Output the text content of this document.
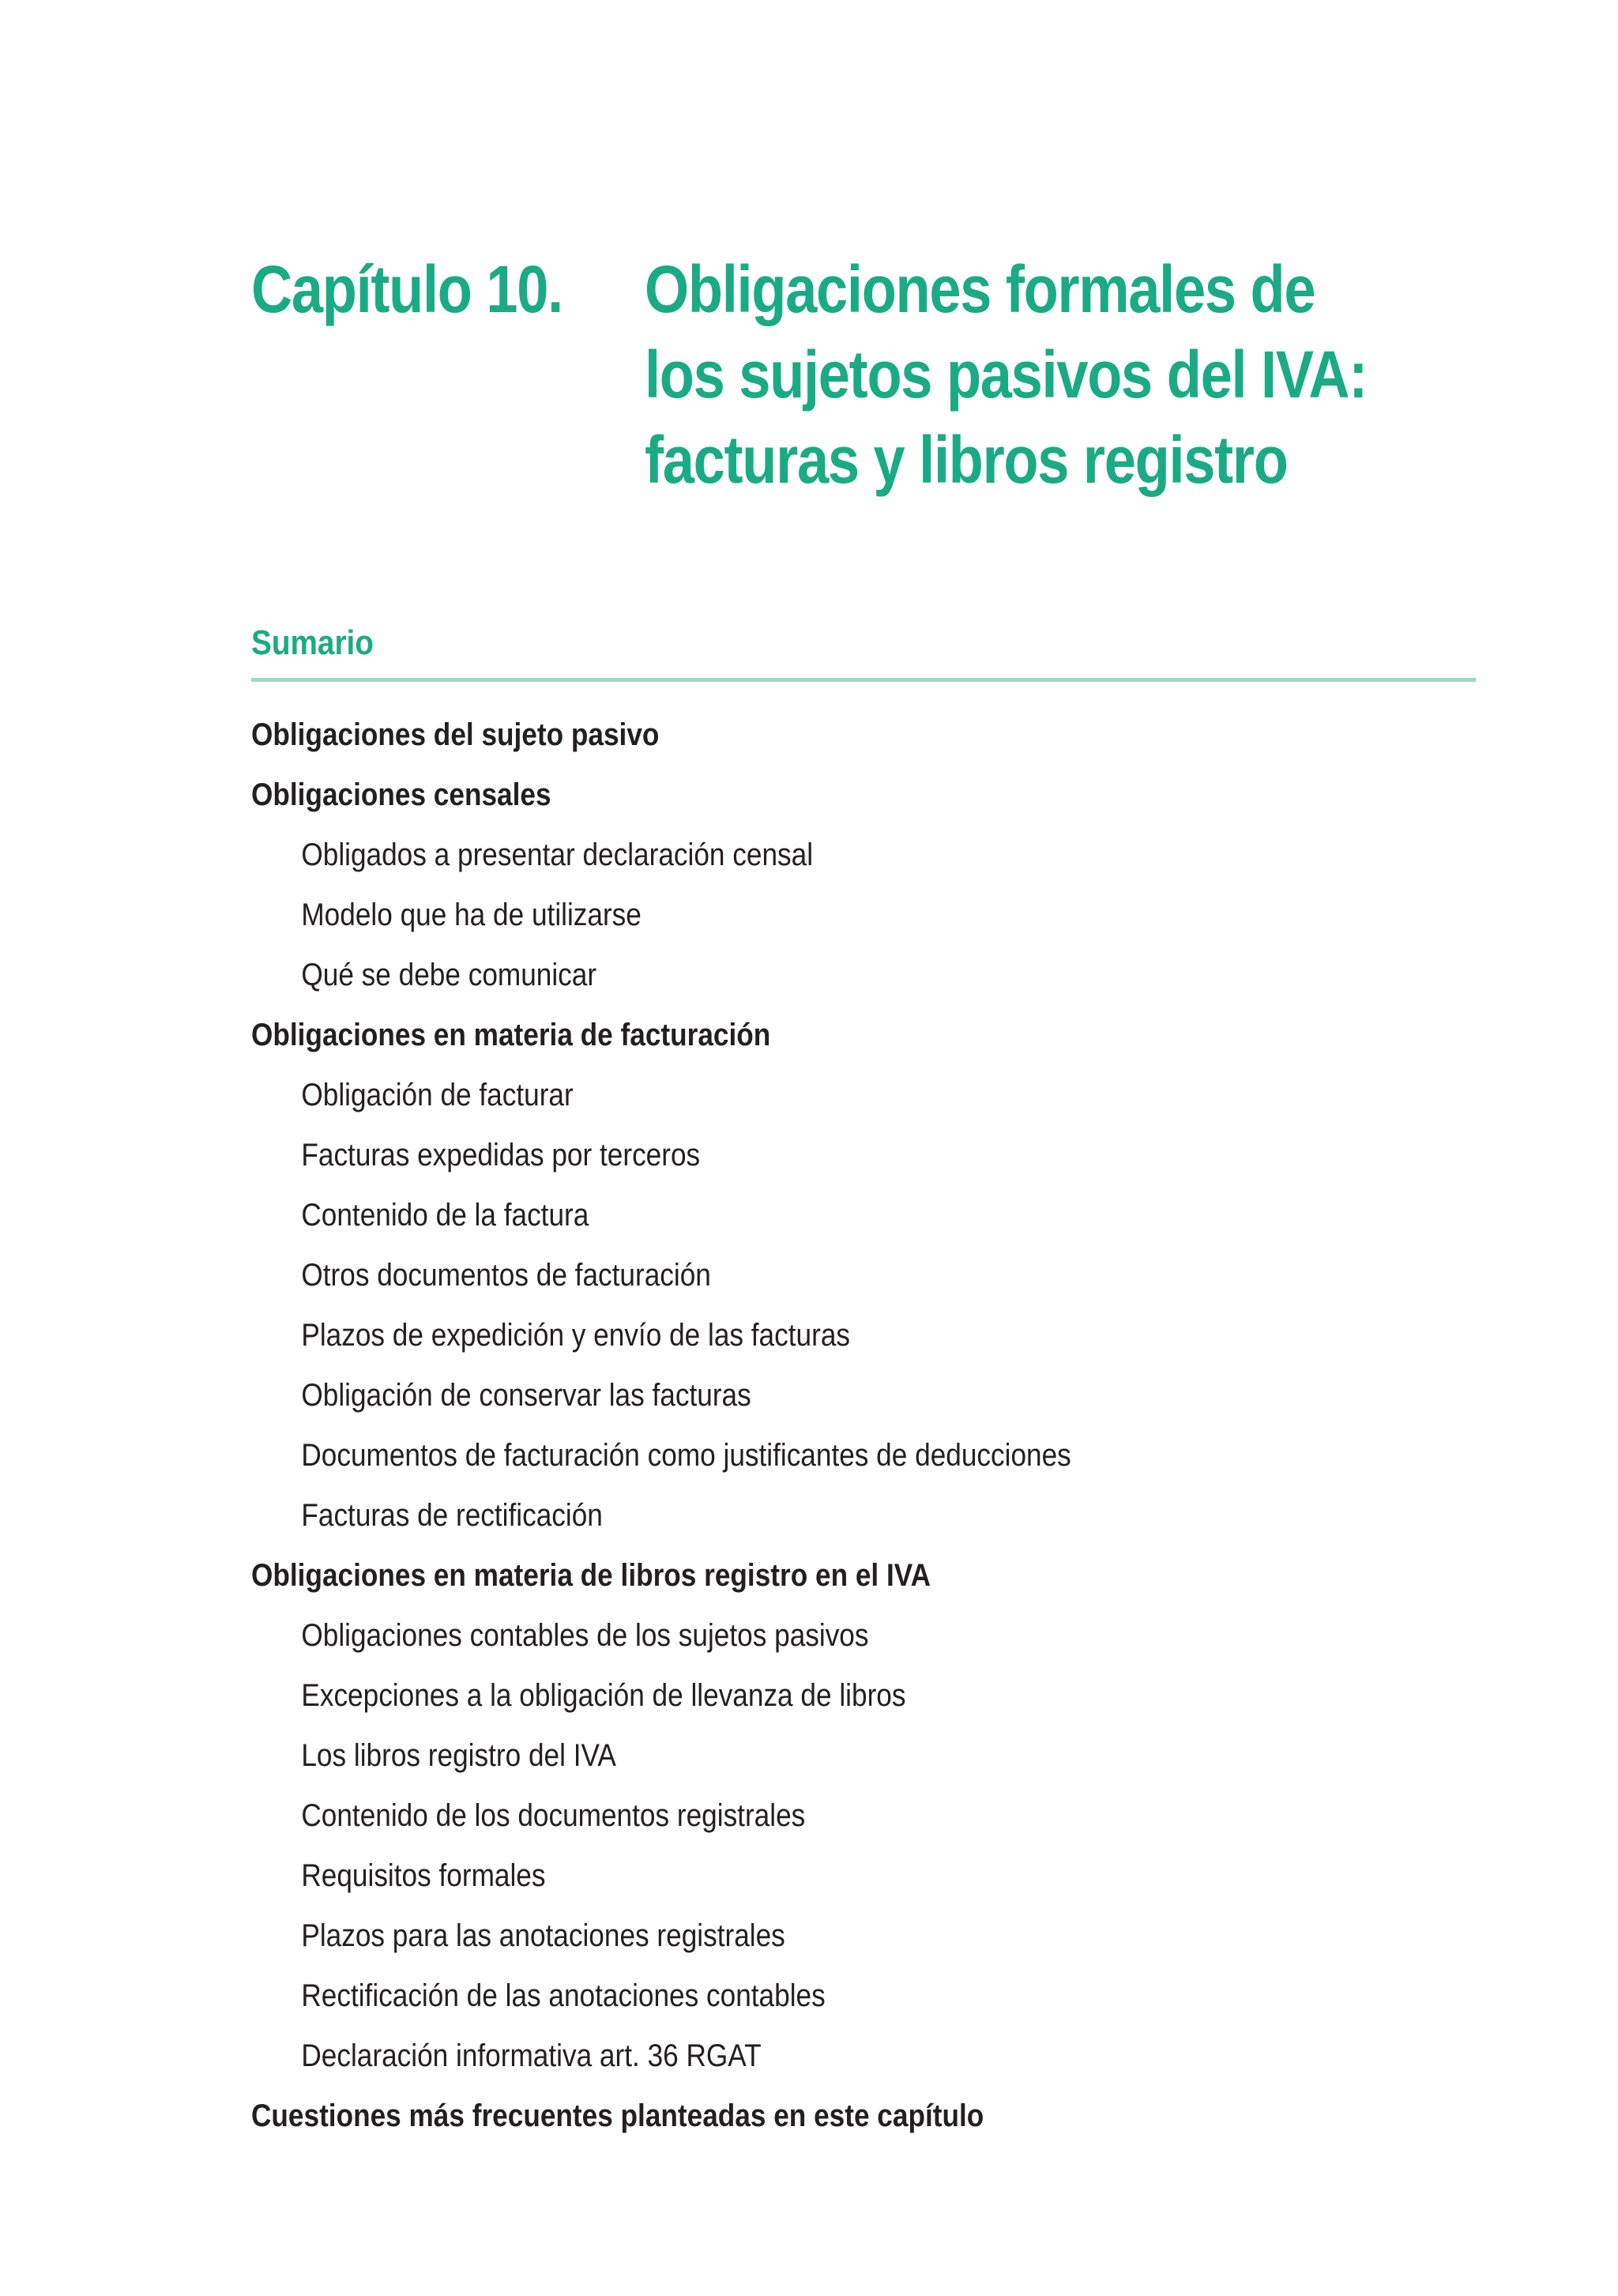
Capítulo 10. Obligaciones formales de
los sujetos pasivos del IVA:
facturas y libros registro
Sumario
Obligaciones del sujeto pasivo
Obligaciones censales
Obligados a presentar declaración censal
Modelo que ha de utilizarse
Qué se debe comunicar
Obligaciones en materia de facturación
Obligación de facturar
Facturas expedidas por terceros
Contenido de la factura
Otros documentos de facturación
Plazos de expedición y envío de las facturas
Obligación de conservar las facturas
Documentos de facturación como justificantes de deducciones
Facturas de rectificación
Obligaciones en materia de libros registro en el IVA
Obligaciones contables de los sujetos pasivos
Excepciones a la obligación de llevanza de libros
Los libros registro del IVA
Contenido de los documentos registrales
Requisitos formales
Plazos para las anotaciones registrales
Rectificación de las anotaciones contables
Declaración informativa art. 36 RGAT
Cuestiones más frecuentes planteadas en este capítulo
